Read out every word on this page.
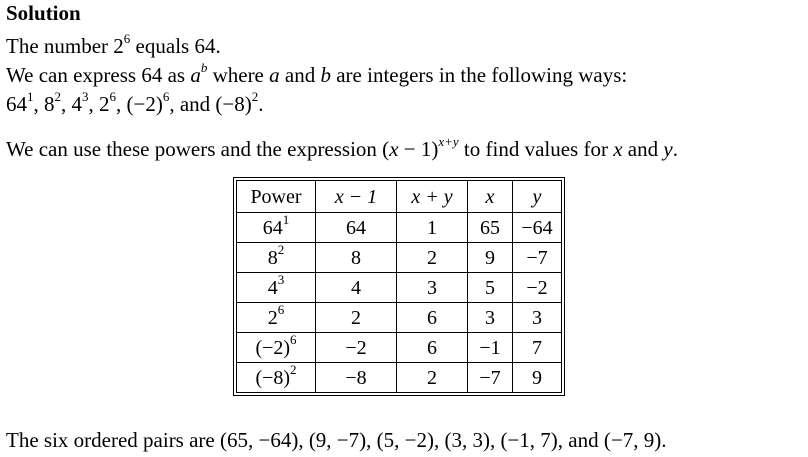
Solution
The number $2^6$ equals 64.
We can express 64 as $a^b$ where a and b are integers in the following ways:
$64^1$, $8^2$, $4^3$, $2^6$, $(-2)^6$, and $(-8)^2$.
We can use these powers and the expression $(x - 1)^{x+y}$ to find values for x and y.
Power	x − 1	x + y	x	y
$64^1$	64	1	65	−64
$8^2$	8	2	9	−7
$4^3$	4	3	5	−2
$2^6$	2	6	3	3
$(-2)^6$	−2	6	−1	7
$(-8)^2$	−8	2	−7	9
The six ordered pairs are (65, −64), (9, −7), (5, −2), (3, 3), (−1, 7), and (−7, 9).
